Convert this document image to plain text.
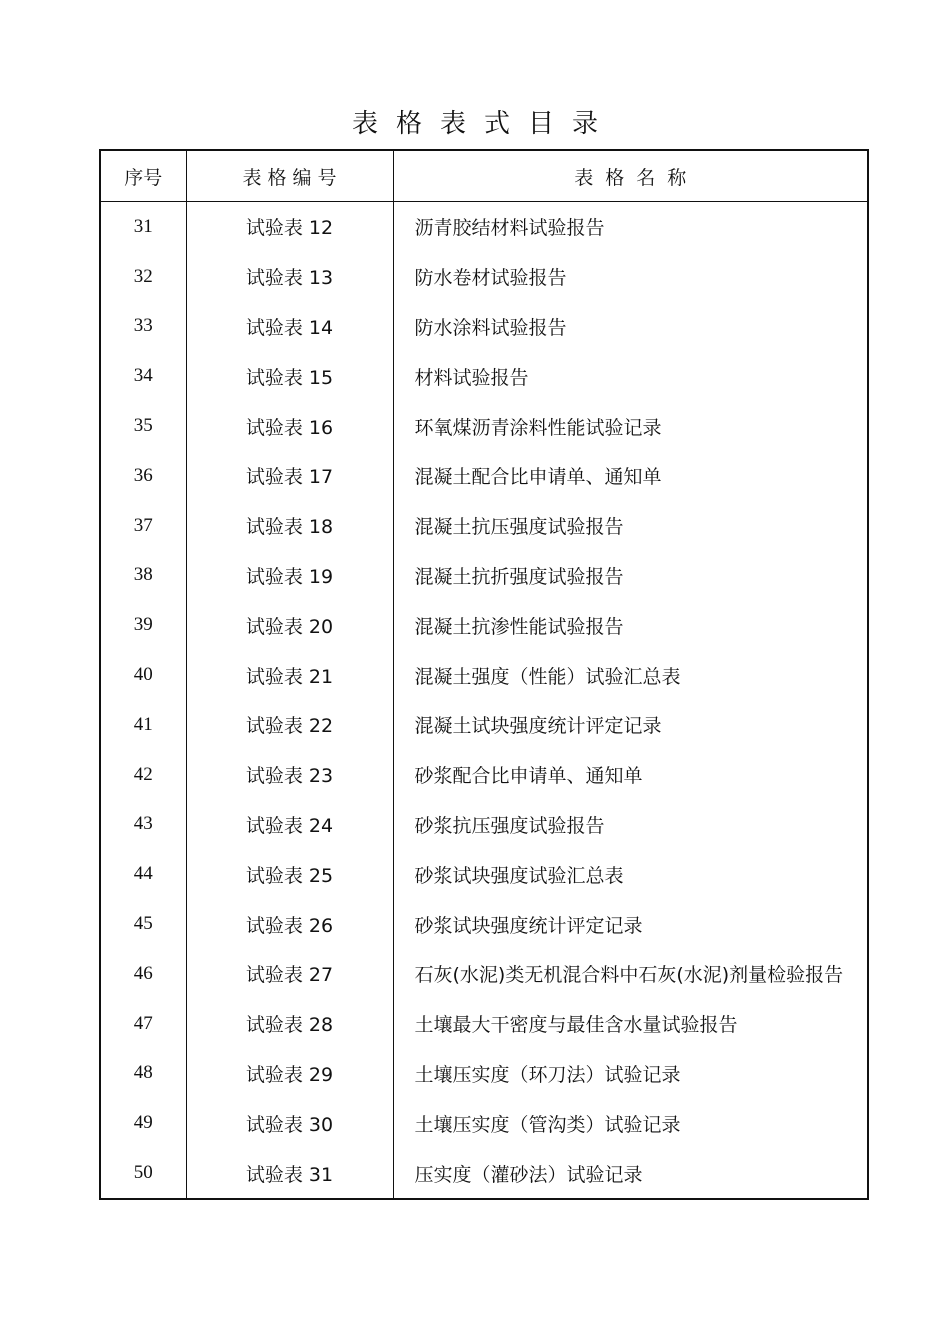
表格表式目录
序号	表格编号	表格名称
31	试验表 12	沥青胶结材料试验报告
32	试验表 13	防水卷材试验报告
33	试验表 14	防水涂料试验报告
34	试验表 15	材料试验报告
35	试验表 16	环氧煤沥青涂料性能试验记录
36	试验表 17	混凝土配合比申请单、通知单
37	试验表 18	混凝土抗压强度试验报告
38	试验表 19	混凝土抗折强度试验报告
39	试验表 20	混凝土抗渗性能试验报告
40	试验表 21	混凝土强度（性能）试验汇总表
41	试验表 22	混凝土试块强度统计评定记录
42	试验表 23	砂浆配合比申请单、通知单
43	试验表 24	砂浆抗压强度试验报告
44	试验表 25	砂浆试块强度试验汇总表
45	试验表 26	砂浆试块强度统计评定记录
46	试验表 27	石灰(水泥)类无机混合料中石灰(水泥)剂量检验报告
47	试验表 28	土壤最大干密度与最佳含水量试验报告
48	试验表 29	土壤压实度（环刀法）试验记录
49	试验表 30	土壤压实度（管沟类）试验记录
50	试验表 31	压实度（灌砂法）试验记录
